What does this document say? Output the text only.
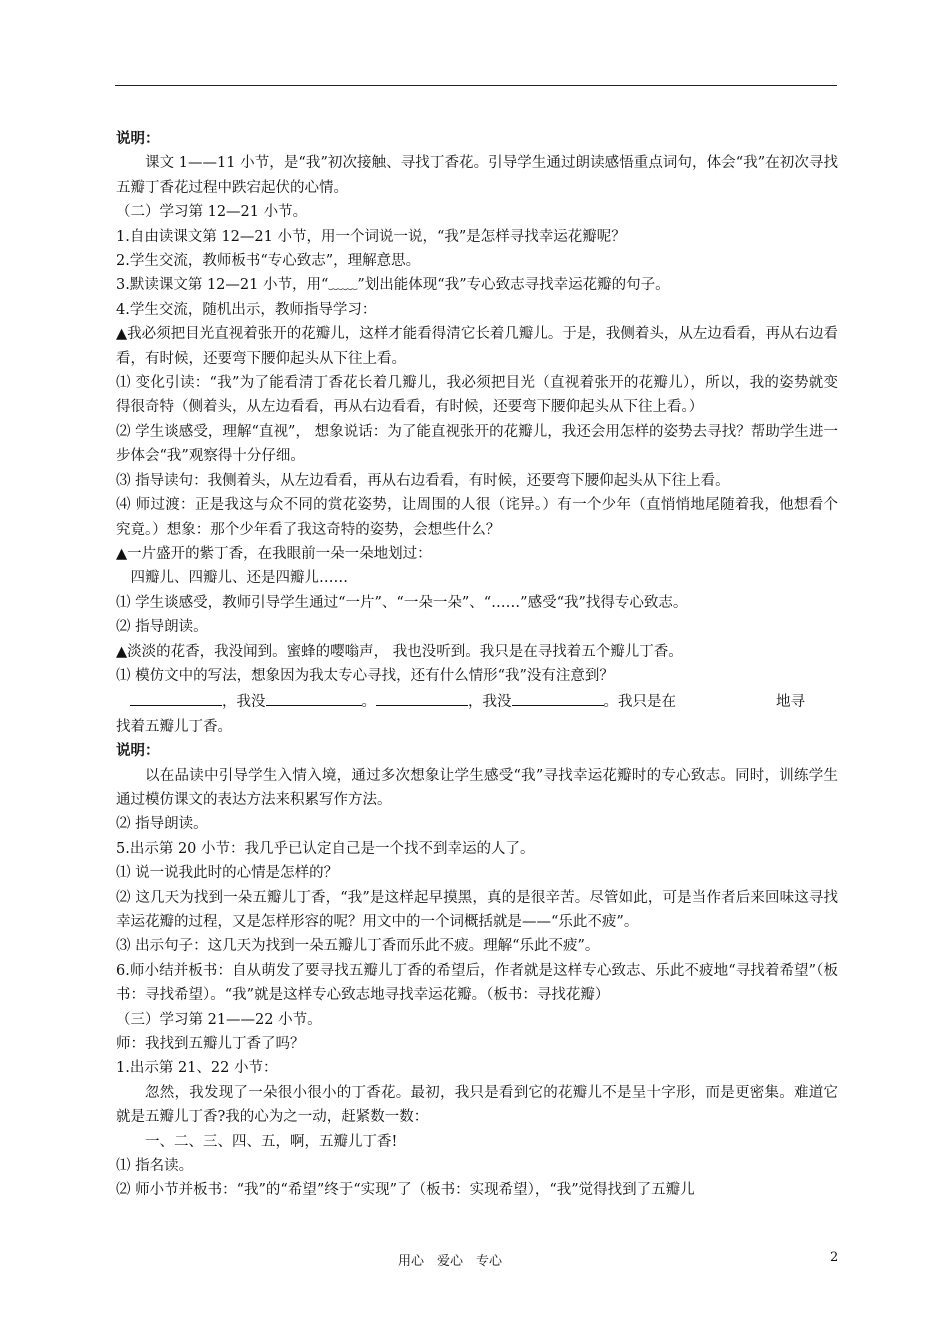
说明：

课文 1——11 小节，是“我”初次接触、寻找丁香花。引导学生通过朗读感悟重点词句，体会“我”在初次寻找五瓣丁香花过程中跌宕起伏的心情。

（二）学习第 12—21 小节。

1.自由读课文第 12—21 小节，用一个词说一说，“我”是怎样寻找幸运花瓣呢？

2.学生交流，教师板书“专心致志”，理解意思。

3.默读课文第 12—21 小节，用“﹏﹏”划出能体现“我”专心致志寻找幸运花瓣的句子。

4.学生交流，随机出示，教师指导学习：

▲我必须把目光直视着张开的花瓣儿，这样才能看得清它长着几瓣儿。于是，我侧着头，从左边看看，再从右边看看，有时候，还要弯下腰仰起头从下往上看。

⑴ 变化引读：“我”为了能看清丁香花长着几瓣儿，我必须把目光（直视着张开的花瓣儿），所以，我的姿势就变得很奇特（侧着头，从左边看看，再从右边看看，有时候，还要弯下腰仰起头从下往上看。）

⑵ 学生谈感受，理解“直视”， 想象说话：为了能直视张开的花瓣儿，我还会用怎样的姿势去寻找？帮助学生进一步体会“我”观察得十分仔细。

⑶ 指导读句：我侧着头，从左边看看，再从右边看看，有时候，还要弯下腰仰起头从下往上看。

⑷ 师过渡：正是我这与众不同的赏花姿势，让周围的人很（诧异。）有一个少年（直悄悄地尾随着我，他想看个究竟。）想象：那个少年看了我这奇特的姿势，会想些什么？

▲一片盛开的紫丁香，在我眼前一朵一朵地划过：

四瓣儿、四瓣儿、还是四瓣儿……

⑴ 学生谈感受，教师引导学生通过“一片”、“一朵一朵”、“……”感受“我”找得专心致志。

⑵ 指导朗读。

▲淡淡的花香，我没闻到。蜜蜂的嘤嗡声， 我也没听到。我只是在寻找着五个瓣儿丁香。

⑴ 模仿文中的写法，想象因为我太专心寻找，还有什么情形“我”没有注意到？

，我没	。	，我没	。我只是在	地寻

找着五瓣儿丁香。

说明：

以在品读中引导学生入情入境，通过多次想象让学生感受“我”寻找幸运花瓣时的专心致志。同时，训练学生通过模仿课文的表达方法来积累写作方法。

⑵ 指导朗读。

5.出示第 20 小节：我几乎已认定自己是一个找不到幸运的人了。

⑴ 说一说我此时的心情是怎样的？

⑵ 这几天为找到一朵五瓣儿丁香，“我”是这样起早摸黑，真的是很辛苦。尽管如此，可是当作者后来回味这寻找幸运花瓣的过程，又是怎样形容的呢？用文中的一个词概括就是——“乐此不疲”。

⑶ 出示句子：这几天为找到一朵五瓣儿丁香而乐此不疲。理解“乐此不疲”。

6.师小结并板书：自从萌发了要寻找五瓣儿丁香的希望后，作者就是这样专心致志、乐此不疲地“寻找着希望”（板书：寻找希望）。“我”就是这样专心致志地寻找幸运花瓣。（板书：寻找花瓣）

（三）学习第 21——22 小节。

师：我找到五瓣儿丁香了吗？

1.出示第 21、22 小节：

忽然，我发现了一朵很小很小的丁香花。最初，我只是看到它的花瓣儿不是呈十字形，而是更密集。难道它就是五瓣儿丁香?我的心为之一动，赶紧数一数：

一、二、三、四、五，啊，五瓣儿丁香!

⑴ 指名读。

⑵ 师小节并板书：“我”的“希望”终于“实现”了（板书：实现希望），“我”觉得找到了五瓣儿

用心　爱心　专心	2
